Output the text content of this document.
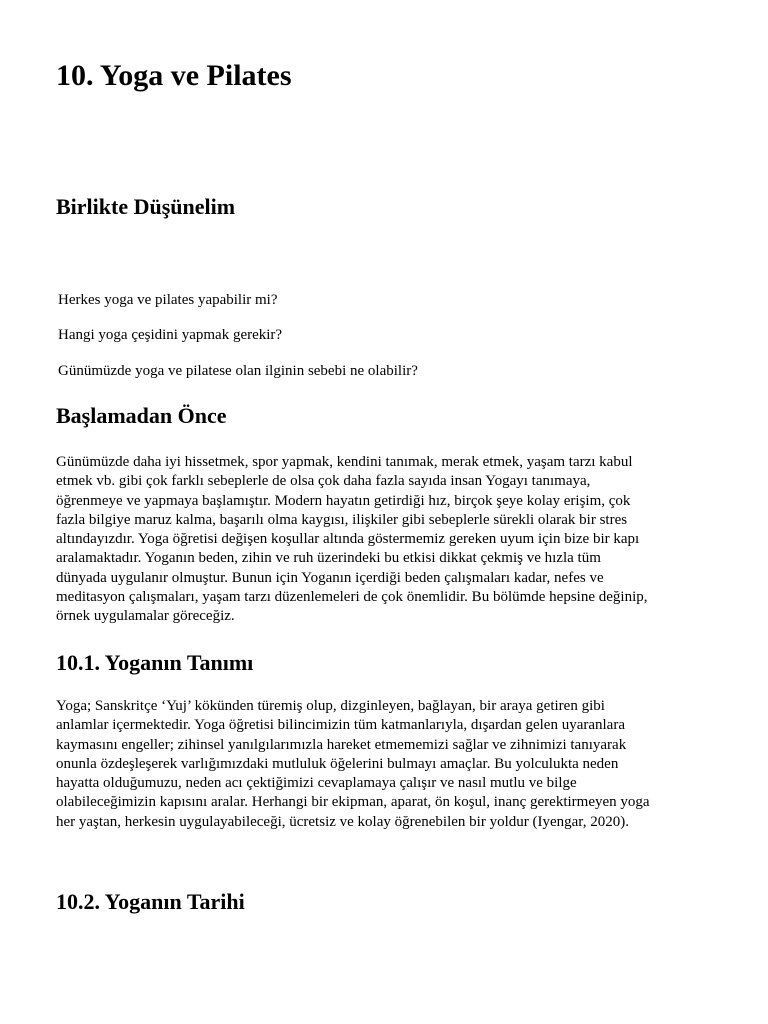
10. Yoga ve Pilates
Birlikte Düşünelim

Herkes yoga ve pilates yapabilir mi?

Hangi yoga çeşidini yapmak gerekir?

Günümüzde yoga ve pilatese olan ilginin sebebi ne olabilir?

Başlamadan Önce
Günümüzde daha iyi hissetmek, spor yapmak, kendini tanımak, merak etmek, yaşam tarzı kabul
etmek vb. gibi çok farklı sebeplerle de olsa çok daha fazla sayıda insan Yogayı tanımaya,
öğrenmeye ve yapmaya başlamıştır. Modern hayatın getirdiği hız, birçok şeye kolay erişim, çok
fazla bilgiye maruz kalma, başarılı olma kaygısı, ilişkiler gibi sebeplerle sürekli olarak bir stres
altındayızdır. Yoga öğretisi değişen koşullar altında göstermemiz gereken uyum için bize bir kapı
aralamaktadır. Yoganın beden, zihin ve ruh üzerindeki bu etkisi dikkat çekmiş ve hızla tüm
dünyada uygulanır olmuştur. Bunun için Yoganın içerdiği beden çalışmaları kadar, nefes ve
meditasyon çalışmaları, yaşam tarzı düzenlemeleri de çok önemlidir. Bu bölümde hepsine değinip,
örnek uygulamalar göreceğiz.
10.1. Yoganın Tanımı
Yoga; Sanskritçe ‘Yuj’ kökünden türemiş olup, dizginleyen, bağlayan, bir araya getiren gibi
anlamlar içermektedir. Yoga öğretisi bilincimizin tüm katmanlarıyla, dışardan gelen uyaranlara
kaymasını engeller; zihinsel yanılgılarımızla hareket etmememizi sağlar ve zihnimizi tanıyarak
onunla özdeşleşerek varlığımızdaki mutluluk öğelerini bulmayı amaçlar. Bu yolculukta neden
hayatta olduğumuzu, neden acı çektiğimizi cevaplamaya çalışır ve nasıl mutlu ve bilge
olabileceğimizin kapısını aralar. Herhangi bir ekipman, aparat, ön koşul, inanç gerektirmeyen yoga
her yaştan, herkesin uygulayabileceği, ücretsiz ve kolay öğrenebilen bir yoldur (Iyengar, 2020).
10.2. Yoganın Tarihi
